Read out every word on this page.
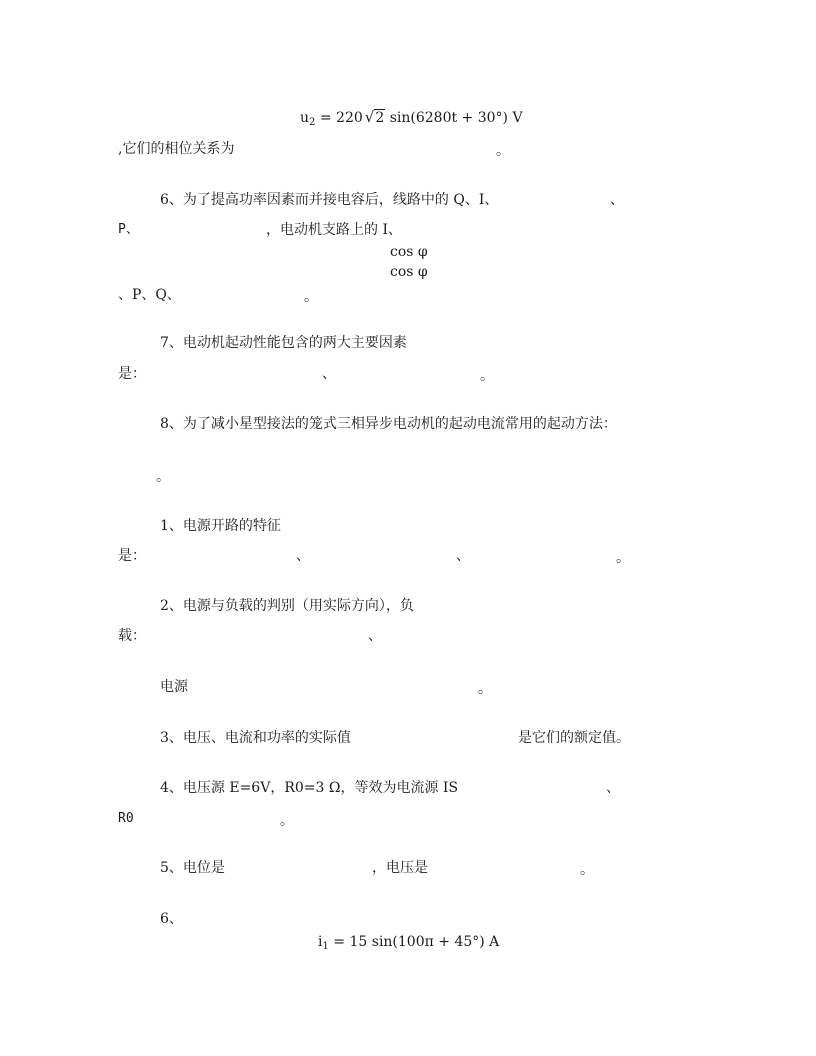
$u_2 = 220$ √2 sin(6280t + 30°) V
,它们的相位关系为	。
6、为了提高功率因素而并接电容后，线路中的 Q、I、	、
P、	，电动机支路上的 I、
cos φ
cos φ
、P、Q、	。
7、电动机起动性能包含的两大主要因素
是：	、	。
8、为了减小星型接法的笼式三相异步电动机的起动电流常用的起动方法：
。
1、电源开路的特征
是：	、	、	。
2、电源与负载的判别（用实际方向），负
载：	、
电源	。
3、电压、电流和功率的实际值	是它们的额定值。
4、电压源 E=6V，R0=3 Ω，等效为电流源 IS	、
R0	。
5、电位是	，电压是	。
6、
$i_1 = 15$ sin(100π + 45°) A
